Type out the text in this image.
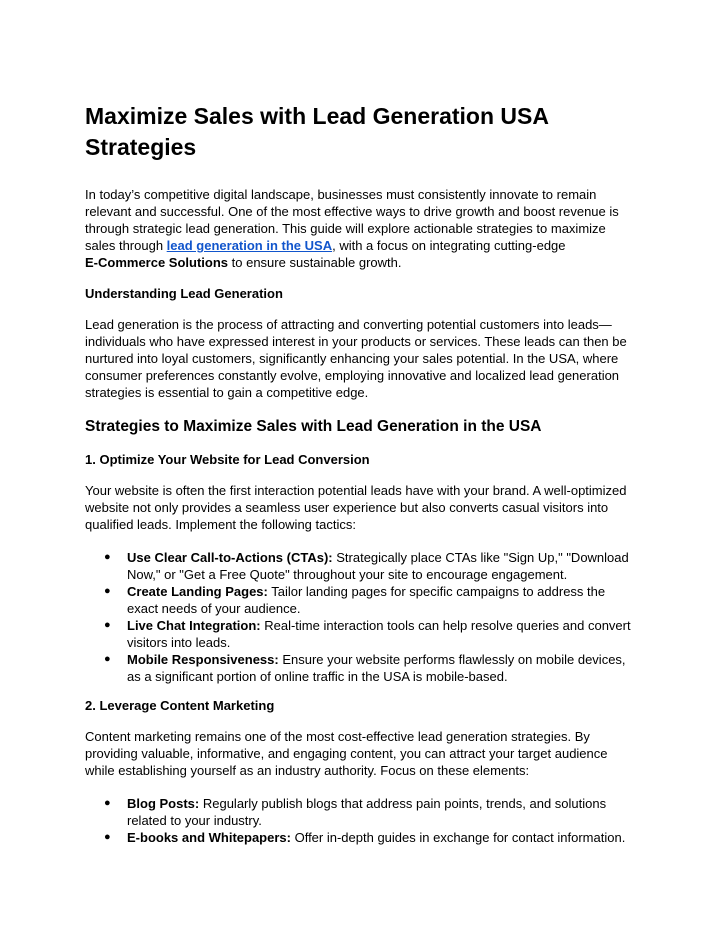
Maximize Sales with Lead Generation USA Strategies

In today’s competitive digital landscape, businesses must consistently innovate to remain relevant and successful. One of the most effective ways to drive growth and boost revenue is through strategic lead generation. This guide will explore actionable strategies to maximize sales through lead generation in the USA, with a focus on integrating cutting-edge
E-Commerce Solutions to ensure sustainable growth.

Understanding Lead Generation

Lead generation is the process of attracting and converting potential customers into leads—individuals who have expressed interest in your products or services. These leads can then be nurtured into loyal customers, significantly enhancing your sales potential. In the USA, where consumer preferences constantly evolve, employing innovative and localized lead generation strategies is essential to gain a competitive edge.

Strategies to Maximize Sales with Lead Generation in the USA
1. Optimize Your Website for Lead Conversion

Your website is often the first interaction potential leads have with your brand. A well-optimized website not only provides a seamless user experience but also converts casual visitors into qualified leads. Implement the following tactics:

● Use Clear Call-to-Actions (CTAs): Strategically place CTAs like "Sign Up," "Download Now," or "Get a Free Quote" throughout your site to encourage engagement.
● Create Landing Pages: Tailor landing pages for specific campaigns to address the exact needs of your audience.
● Live Chat Integration: Real-time interaction tools can help resolve queries and convert visitors into leads.
● Mobile Responsiveness: Ensure your website performs flawlessly on mobile devices, as a significant portion of online traffic in the USA is mobile-based.
2. Leverage Content Marketing

Content marketing remains one of the most cost-effective lead generation strategies. By providing valuable, informative, and engaging content, you can attract your target audience while establishing yourself as an industry authority. Focus on these elements:

● Blog Posts: Regularly publish blogs that address pain points, trends, and solutions related to your industry.
● E-books and Whitepapers: Offer in-depth guides in exchange for contact information.
